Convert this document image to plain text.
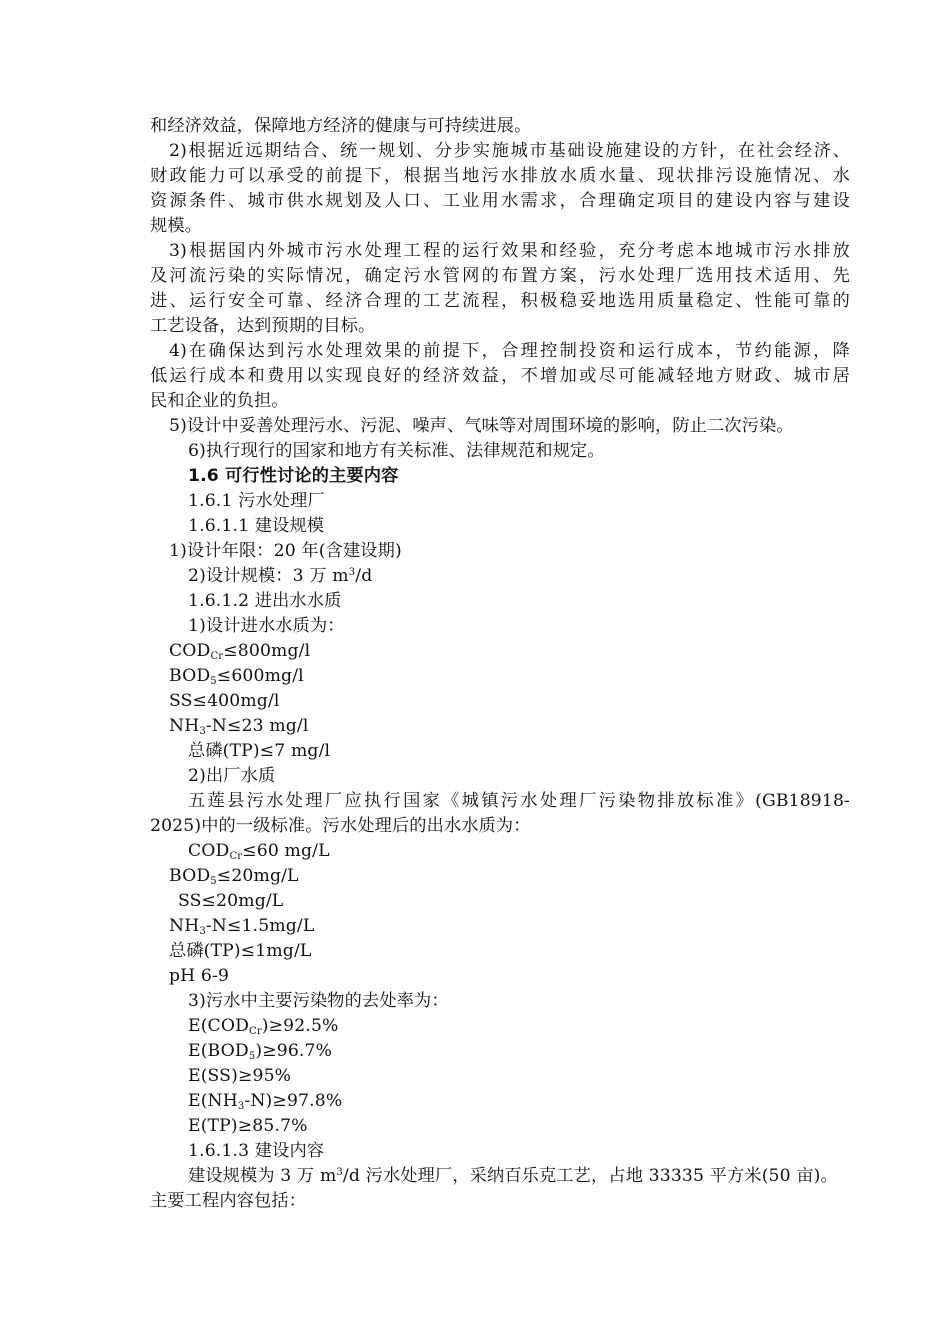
和经济效益，保障地方经济的健康与可持续进展。
2)根据近远期结合、统一规划、分步实施城市基础设施建设的方针，在社会经济、
财政能力可以承受的前提下，根据当地污水排放水质水量、现状排污设施情况、水
资源条件、城市供水规划及人口、工业用水需求，合理确定项目的建设内容与建设
规模。
3)根据国内外城市污水处理工程的运行效果和经验，充分考虑本地城市污水排放
及河流污染的实际情况，确定污水管网的布置方案，污水处理厂选用技术适用、先
进、运行安全可靠、经济合理的工艺流程，积极稳妥地选用质量稳定、性能可靠的
工艺设备，达到预期的目标。
4)在确保达到污水处理效果的前提下，合理控制投资和运行成本，节约能源，降
低运行成本和费用以实现良好的经济效益，不增加或尽可能减轻地方财政、城市居
民和企业的负担。
5)设计中妥善处理污水、污泥、噪声、气味等对周围环境的影响，防止二次污染。
6)执行现行的国家和地方有关标准、法律规范和规定。
1.6 可行性讨论的主要内容
1.6.1 污水处理厂
1.6.1.1 建设规模
1)设计年限：20 年(含建设期)
2)设计规模：3 万 $m^3/d$
1.6.1.2 进出水水质
1)设计进水水质为：
$COD_{Cr}\le 800mg/l$
$BOD_5\le 600mg/l$
SS≤400mg/l
$NH_3-N\le 23$ mg/l
总磷(TP)≤7 mg/l
2)出厂水质
五莲县污水处理厂应执行国家《城镇污水处理厂污染物排放标准》(GB18918-
2025)中的一级标准。污水处理后的出水水质为：
$COD_{Cr}\le 60$ mg/L
$BOD_5\le 20mg/L$
SS≤20mg/L
$NH_3-N\le 1.5mg/L$
总磷(TP)≤1mg/L
pH 6-9
3)污水中主要污染物的去处率为：
$E(COD_{Cr})\ge 92.5\%$
$E(BOD_5)\ge 96.7\%$
E(SS)≥95%
$E(NH_3-N)\ge 97.8\%$
E(TP)≥85.7%
1.6.1.3 建设内容
建设规模为 3 万 $m^3/d$ 污水处理厂，采纳百乐克工艺，占地 33335 平方米(50 亩)。
主要工程内容包括：
